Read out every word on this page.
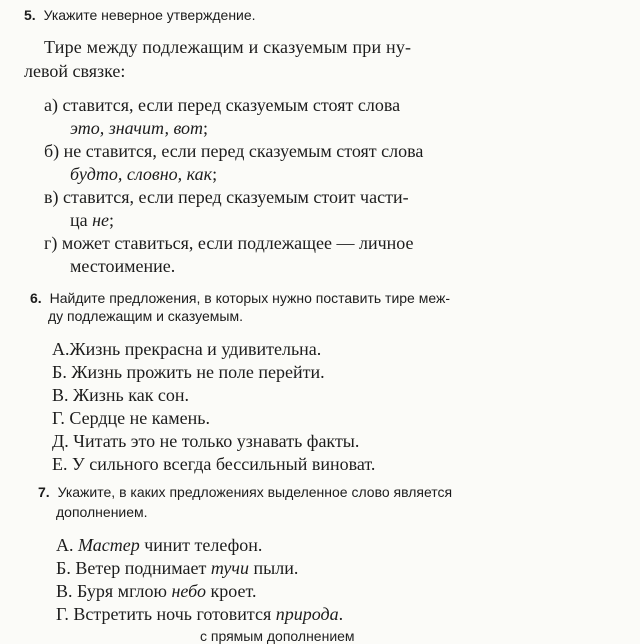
5. Укажите неверное утверждение.
Тире между подлежащим и сказуемым при ну-
левой связке:
а) ставится, если перед сказуемым стоят слова
это, значит, вот;
б) не ставится, если перед сказуемым стоят слова
будто, словно, как;
в) ставится, если перед сказуемым стоит части-
ца не;
г) может ставиться, если подлежащее — личное
местоимение.
6. Найдите предложения, в которых нужно поставить тире меж-
ду подлежащим и сказуемым.
А.Жизнь прекрасна и удивительна.
Б. Жизнь прожить не поле перейти.
В. Жизнь как сон.
Г. Сердце не камень.
Д. Читать это не только узнавать факты.
Е. У сильного всегда бессильный виноват.
7. Укажите, в каких предложениях выделенное слово является
дополнением.
А. Мастер чинит телефон.
Б. Ветер поднимает тучи пыли.
В. Буря мглою небо кроет.
Г. Встретить ночь готовится природа.
с прямым дополнением
